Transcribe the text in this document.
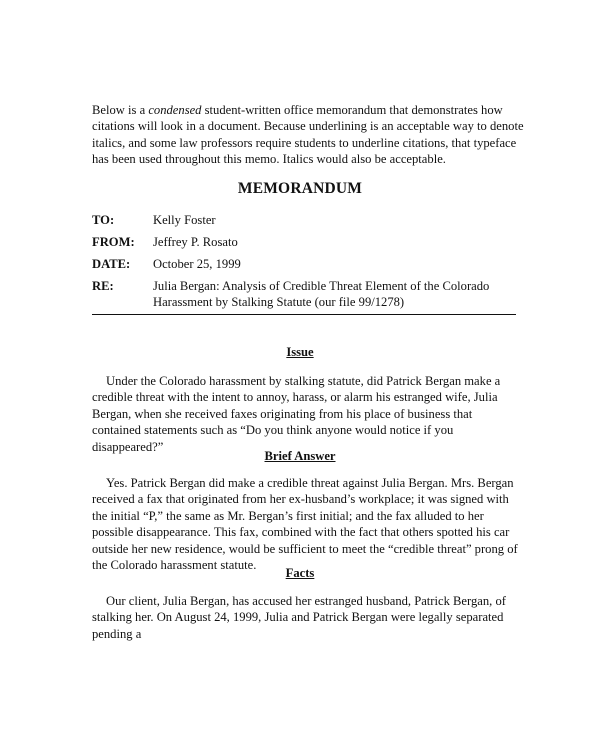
Below is a condensed student-written office memorandum that demonstrates how citations will look in a document. Because underlining is an acceptable way to denote italics, and some law professors require students to underline citations, that typeface has been used throughout this memo. Italics would also be acceptable.

MEMORANDUM
TO:	Kelly Foster
FROM:	Jeffrey P. Rosato
DATE:	October 25, 1999
RE:	Julia Bergan: Analysis of Credible Threat Element of the Colorado
Harassment by Stalking Statute (our file 99/1278)
Issue

Under the Colorado harassment by stalking statute, did Patrick Bergan make a credible threat with the intent to annoy, harass, or alarm his estranged wife, Julia Bergan, when she received faxes originating from his place of business that contained statements such as “Do you think anyone would notice if you disappeared?”

Brief Answer

Yes. Patrick Bergan did make a credible threat against Julia Bergan. Mrs. Bergan received a fax that originated from her ex-husband’s workplace; it was signed with the initial “P,” the same as Mr. Bergan’s first initial; and the fax alluded to her possible disappearance. This fax, combined with the fact that others spotted his car outside her new residence, would be sufficient to meet the “credible threat” prong of the Colorado harassment statute.

Facts

Our client, Julia Bergan, has accused her estranged husband, Patrick Bergan, of stalking her. On August 24, 1999, Julia and Patrick Bergan were legally separated pending a
